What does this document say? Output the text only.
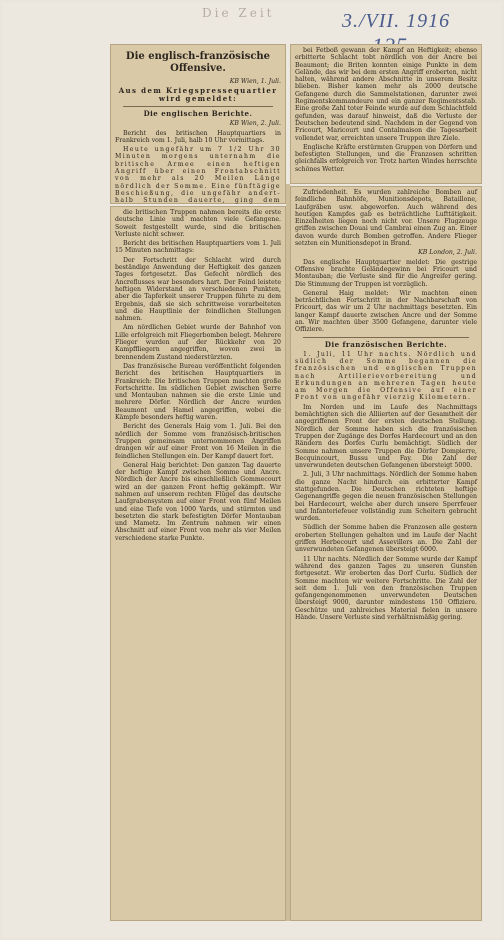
Die Zeit	3./VII. 1916
Die englisch-französische Offensive.

KB Wien, 1. Juli.

Aus dem Kriegspressequartier wird gemeldet:

Die englischen Berichte.

KB Wien, 2. Juli.

Bericht des britischen Hauptquartiers in Frankreich vom 1. Juli, halb 10 Uhr vormittags.

Heute ungefähr um 7 1/2 Uhr 30 Minuten morgens unternahm die britische Armee einen heftigen Angriff über einen Frontabschnitt von mehr als 20 Meilen Länge nördlich der Somme. Eine fünftägige Beschießung, die ungefähr andert-halb Stunden dauerte, ging dem

bei Fetboß gewann der Kampf an Heftigkeit; ebenso erbitterte Schlacht tobt nördlich von der Ancre bei Beaumont; die Briten konnten einige Punkte in dem Gelände, das wir bei dem ersten Angriff eroberten, nicht halten, während andere Abschnitte in unserem Besitz blieben. Bisher kamen mehr als 2000 deutsche Gefangene durch die Sammelstationen, darunter zwei Regimentskommandeure und ein ganzer Regimentsstab. Eine große Zahl toter Feinde wurde auf dem Schlachtfeld gefunden, was darauf hinweist, daß die Verluste der Deutschen bedeutend sind. Nachdem in der Gegend von Fricourt, Maricourt und Contalmaison die Tagesarbeit vollendet war, erreichten unsere Truppen ihre Ziele.

Englische Kräfte erstürmten Gruppen von Dörfern und befestigten Stellungen, und die Franzosen schritten gleichfalls erfolgreich vor. Trotz harten Windes herrschte schönes Wetter.

die britischen Truppen nahmen bereits die erste deutsche Linie und machten viele Gefangene. Soweit festgestellt wurde, sind die britischen Verluste nicht schwer.

Bericht des britischen Hauptquartiers vom 1. Juli 15 Minuten nachmittags:

Der Fortschritt der Schlacht wird durch beständige Anwendung der Heftigkeit des ganzen Tages fortgesetzt. Das Gefecht nördlich des Ancreflusses war besonders hart. Der Feind leistete heftigen Widerstand an verschiedenen Punkten, aber die Tapferkeit unserer Truppen führte zu dem Ergebnis, daß sie sich schrittweise vorarbeiteten und die Hauptlinie der feindlichen Stellungen nahmen.

Am nördlichen Gebiet wurde der Bahnhof von Lille erfolgreich mit Fliegerbomben belegt. Mehrere Flieger wurden auf der Rückkehr von 20 Kampffliegern angegriffen, wovon zwei in brennendem Zustand niederstürzten.

Das französische Bureau veröffentlicht folgenden Bericht des britischen Hauptquartiers in Frankreich: Die britischen Truppen machten große Fortschritte. Im südlichen Gebiet zwischen Serre und Montauban nahmen sie die erste Linie und mehrere Dörfer. Nördlich der Ancre wurden Beaumont und Hamel angegriffen, wobei die Kämpfe besonders heftig waren.

Bericht des Generals Haig vom 1. Juli. Bei den nördlich der Somme vom französisch-britischen Truppen gemeinsam unternommenen Angriffen drangen wir auf einer Front von 16 Meilen in die feindlichen Stellungen ein. Der Kampf dauert fort.

General Haig berichtet: Den ganzen Tag dauerte der heftige Kampf zwischen Somme und Ancre. Nördlich der Ancre bis einschließlich Gommecourt wird an der ganzen Front heftig gekämpft. Wir nahmen auf unserem rechten Flügel das deutsche Laufgrabensystem auf einer Front von fünf Meilen und eine Tiefe von 1000 Yards, und stürmten und besetzten die stark befestigten Dörfer Montauban und Mametz. Im Zentrum nahmen wir einen Abschnitt auf einer Front von mehr als vier Meilen verschiedene starke Punkte.

Zufriedenheit. Es wurden zahlreiche Bomben auf feindliche Bahnhöfe, Munitionsdepots, Bataillone, Laufgräben usw. abgeworfen. Auch während des heutigen Kampfes gab es beträchtliche Lufttätigkeit. Einzelheiten liegen noch nicht vor. Unsere Flugzeuge griffen zwischen Douai und Cambrai einen Zug an. Einer davon wurde durch Bomben getroffen. Andere Flieger setzten ein Munitionsdepot in Brand.

KB London, 2. Juli.

Das englische Hauptquartier meldet: Die gestrige Offensive brachte Geländegewinn bei Fricourt und Montauban; die Verluste sind für die Angreifer gering. Die Stimmung der Truppen ist vorzüglich.

General Haig meldet: Wir machten einen beträchtlichen Fortschritt in der Nachbarschaft von Fricourt, das wir um 2 Uhr nachmittags besetzten. Ein langer Kampf dauerte zwischen Ancre und der Somme an. Wir machten über 3500 Gefangene, darunter viele Offiziere.

Die französischen Berichte.

1. Juli, 11 Uhr nachts. Nördlich und südlich der Somme begannen die französischen und englischen Truppen nach Artillerievorbereitung und Erkundungen an mehreren Tagen heute am Morgen die Offensive auf einer Front von ungefähr vierzig Kilometern.

Im Norden und im Laufe des Nachmittags bemächtigten sich die Alliierten auf der Gesamtheit der angegriffenen Front der ersten deutschen Stellung. Nördlich der Somme haben sich die französischen Truppen der Zugänge des Dorfes Hardecourt und an den Rändern des Dorfes Curlu bemächtigt. Südlich der Somme nahmen unsere Truppen die Dörfer Dompierre, Becquincourt, Bussu und Fay. Die Zahl der unverwundeten deutschen Gefangenen übersteigt 5000.

2. Juli, 3 Uhr nachmittags. Nördlich der Somme haben die ganze Nacht hindurch ein erbitterter Kampf stattgefunden. Die Deutschen richteten heftige Gegenangriffe gegen die neuen französischen Stellungen bei Hardecourt, welche aber durch unsere Sperrfeuer und Infanteriefeuer vollständig zum Scheitern gebracht wurden.

Südlich der Somme haben die Franzosen alle gestern eroberten Stellungen gehalten und im Laufe der Nacht griffen Herbecourt und Assevillers an. Die Zahl der unverwundeten Gefangenen übersteigt 6000.

11 Uhr nachts. Nördlich der Somme wurde der Kampf während des ganzen Tages zu unseren Gunsten fortgesetzt. Wir eroberten das Dorf Curlu. Südlich der Somme machten wir weitere Fortschritte. Die Zahl der seit dem 1. Juli von den französischen Truppen gefangengenommenen unverwundeten Deutschen übersteigt 9000, darunter mindestens 150 Offiziere. Geschütze und zahlreiches Material fielen in unsere Hände. Unsere Verluste sind verhältnismäßig gering.
